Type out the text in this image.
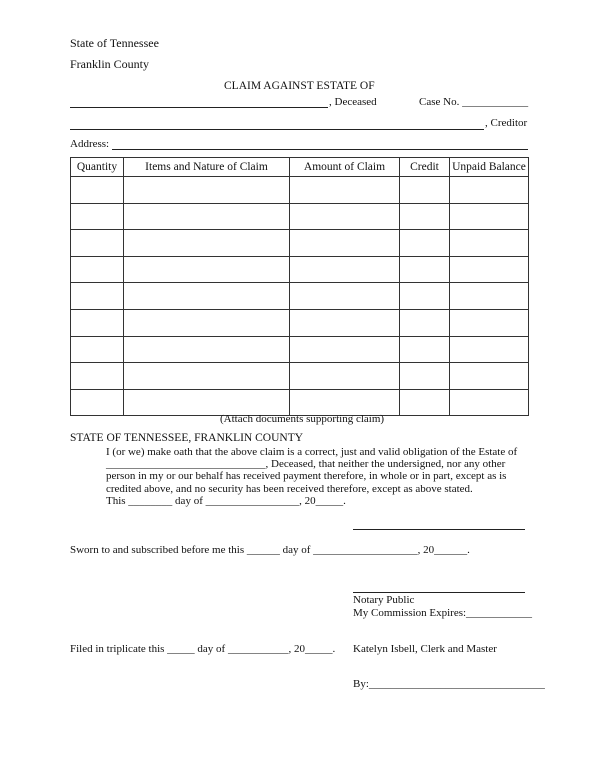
State of Tennessee
Franklin County
CLAIM AGAINST ESTATE OF
, Deceased	Case No. ____________
, Creditor
Address:
Quantity	Items and Nature of Claim	Amount of Claim	Credit	Unpaid Balance

(Attach documents supporting claim)
STATE OF TENNESSEE, FRANKLIN COUNTY
I (or we) make oath that the above claim is a correct, just and valid obligation of the Estate of
_____________________________, Deceased, that neither the undersigned, nor any other
person in my or our behalf has received payment therefore, in whole or in part, except as is
credited above, and no security has been received therefore, except as above stated.
This ________ day of _________________, 20_____.
Sworn to and subscribed before me this ______ day of ___________________, 20______.
Notary Public
My Commission Expires:____________
Filed in triplicate this _____ day of ___________, 20_____. Katelyn Isbell, Clerk and Master
By:________________________________
